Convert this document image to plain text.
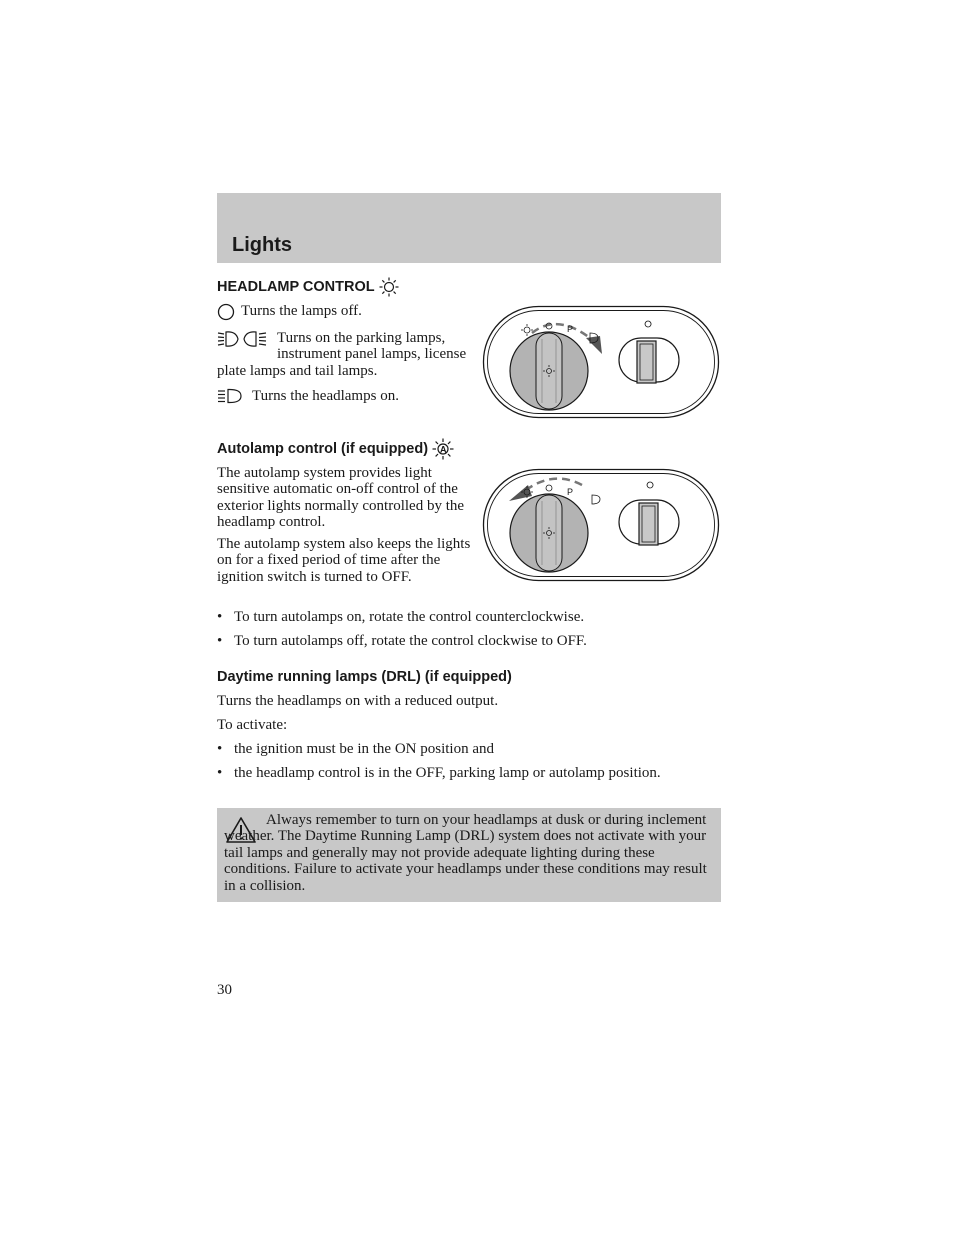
Lights
HEADLAMP CONTROL

Turns the lamps off.

Turns on the parking lamps, instrument panel lamps, license plate lamps and tail lamps.

Turns the headlamps on.

P
Autolamp control (if equipped) A

The autolamp system provides light sensitive automatic on-off control of the exterior lights normally controlled by the headlamp control.

The autolamp system also keeps the lights on for a fixed period of time after the ignition switch is turned to OFF.

P
• To turn autolamps on, rotate the control counterclockwise.
• To turn autolamps off, rotate the control clockwise to OFF.
Daytime running lamps (DRL) (if equipped)

Turns the headlamps on with a reduced output.

To activate:

• the ignition must be in the ON position and
• the headlamp control is in the OFF, parking lamp or autolamp position.

Always remember to turn on your headlamps at dusk or during inclement weather. The Daytime Running Lamp (DRL) system does not activate with your tail lamps and generally may not provide adequate lighting during these conditions. Failure to activate your headlamps under these conditions may result in a collision.

30
